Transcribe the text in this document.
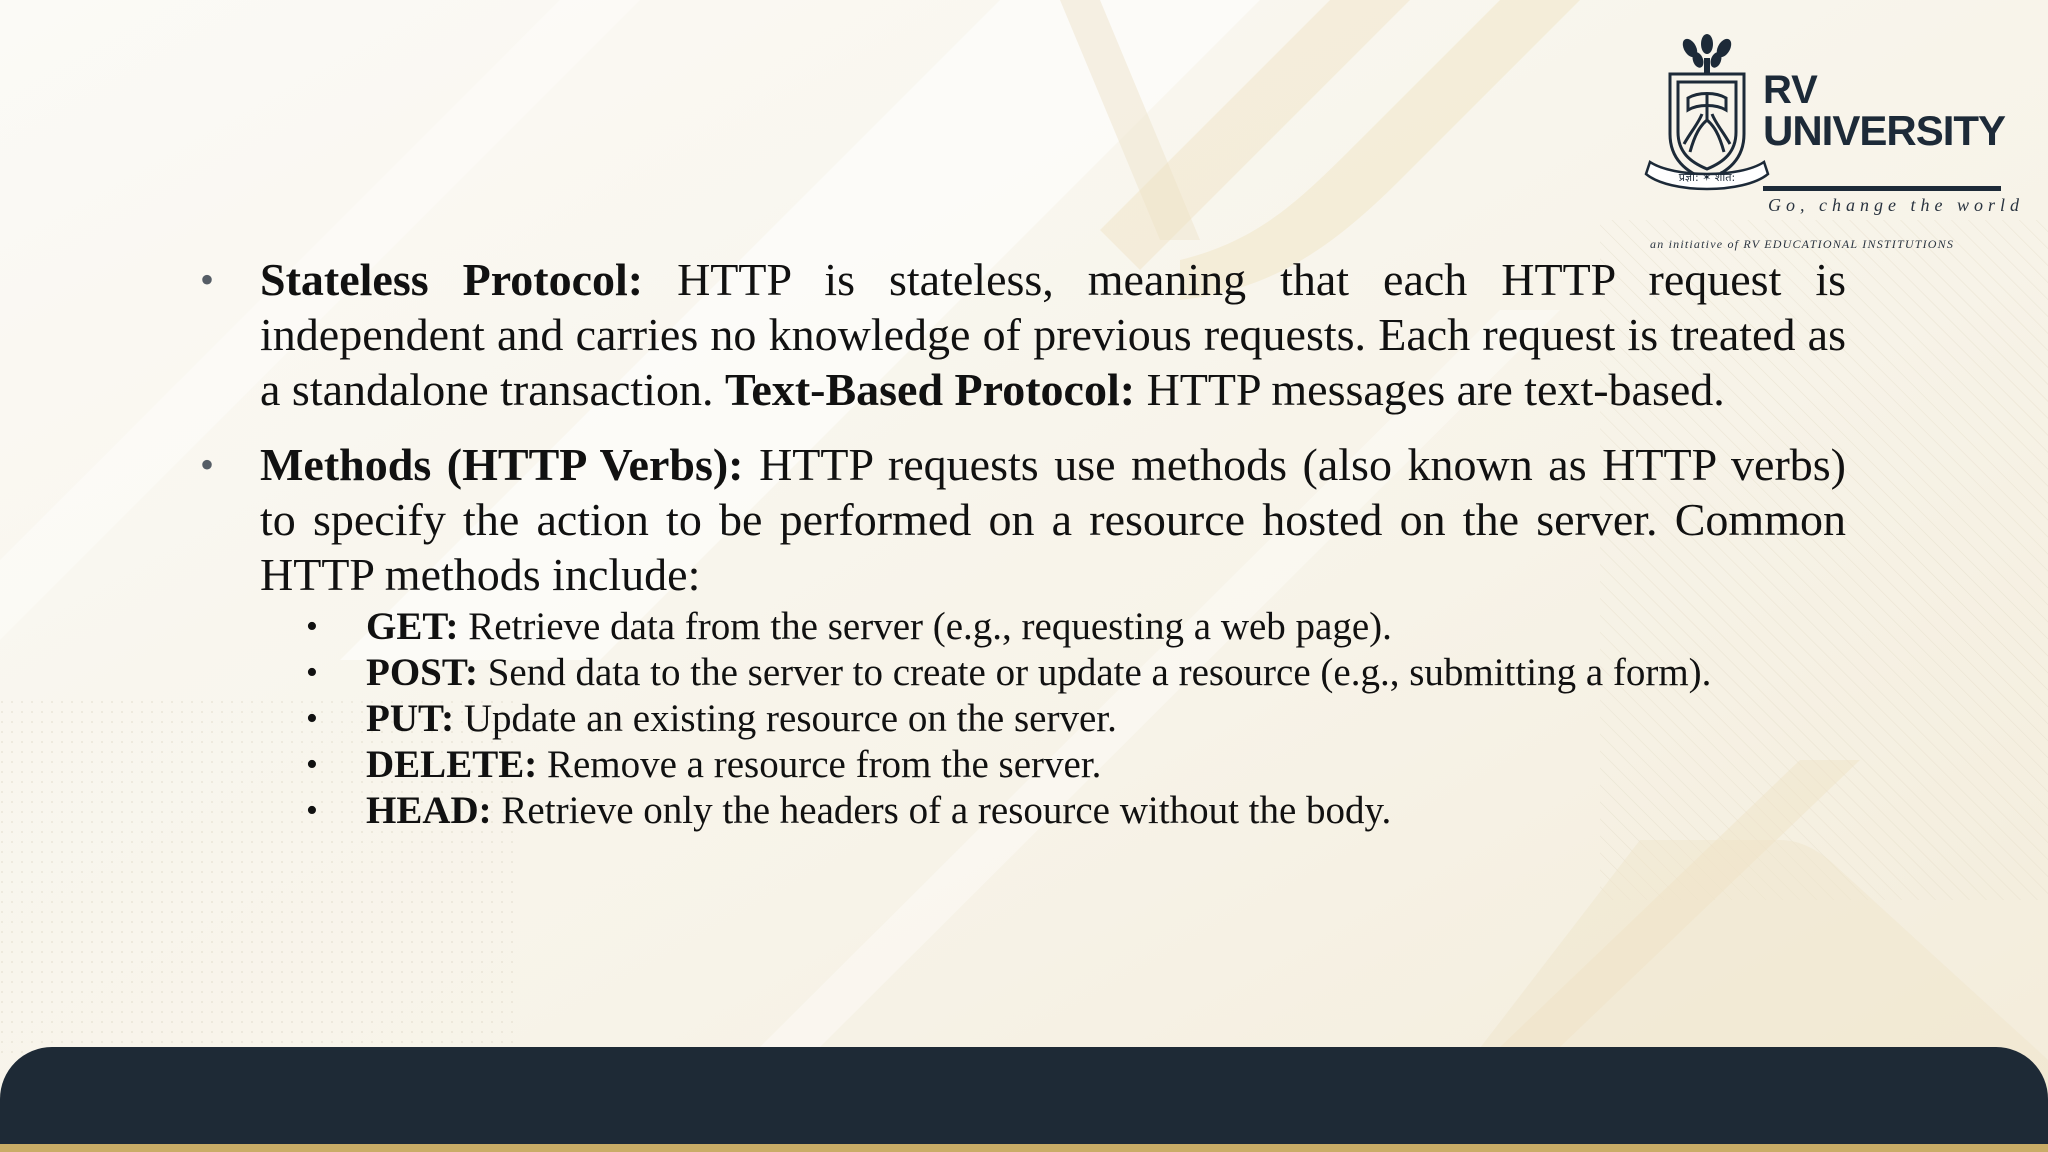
प्रज्ञा: ✶ शीत:
RV
UNIVERSITY
Go, change the world
an initiative of RV EDUCATIONAL INSTITUTIONS
• Stateless Protocol: HTTP is stateless, meaning that each HTTP request is independent and carries no knowledge of previous requests. Each request is treated as a standalone transaction. Text-Based Protocol: HTTP messages are text-based.
• Methods (HTTP Verbs): HTTP requests use methods (also known as HTTP verbs) to specify the action to be performed on a resource hosted on the server. Common HTTP methods include:
• GET: Retrieve data from the server (e.g., requesting a web page).
• POST: Send data to the server to create or update a resource (e.g., submitting a form).
• PUT: Update an existing resource on the server.
• DELETE: Remove a resource from the server.
• HEAD: Retrieve only the headers of a resource without the body.
